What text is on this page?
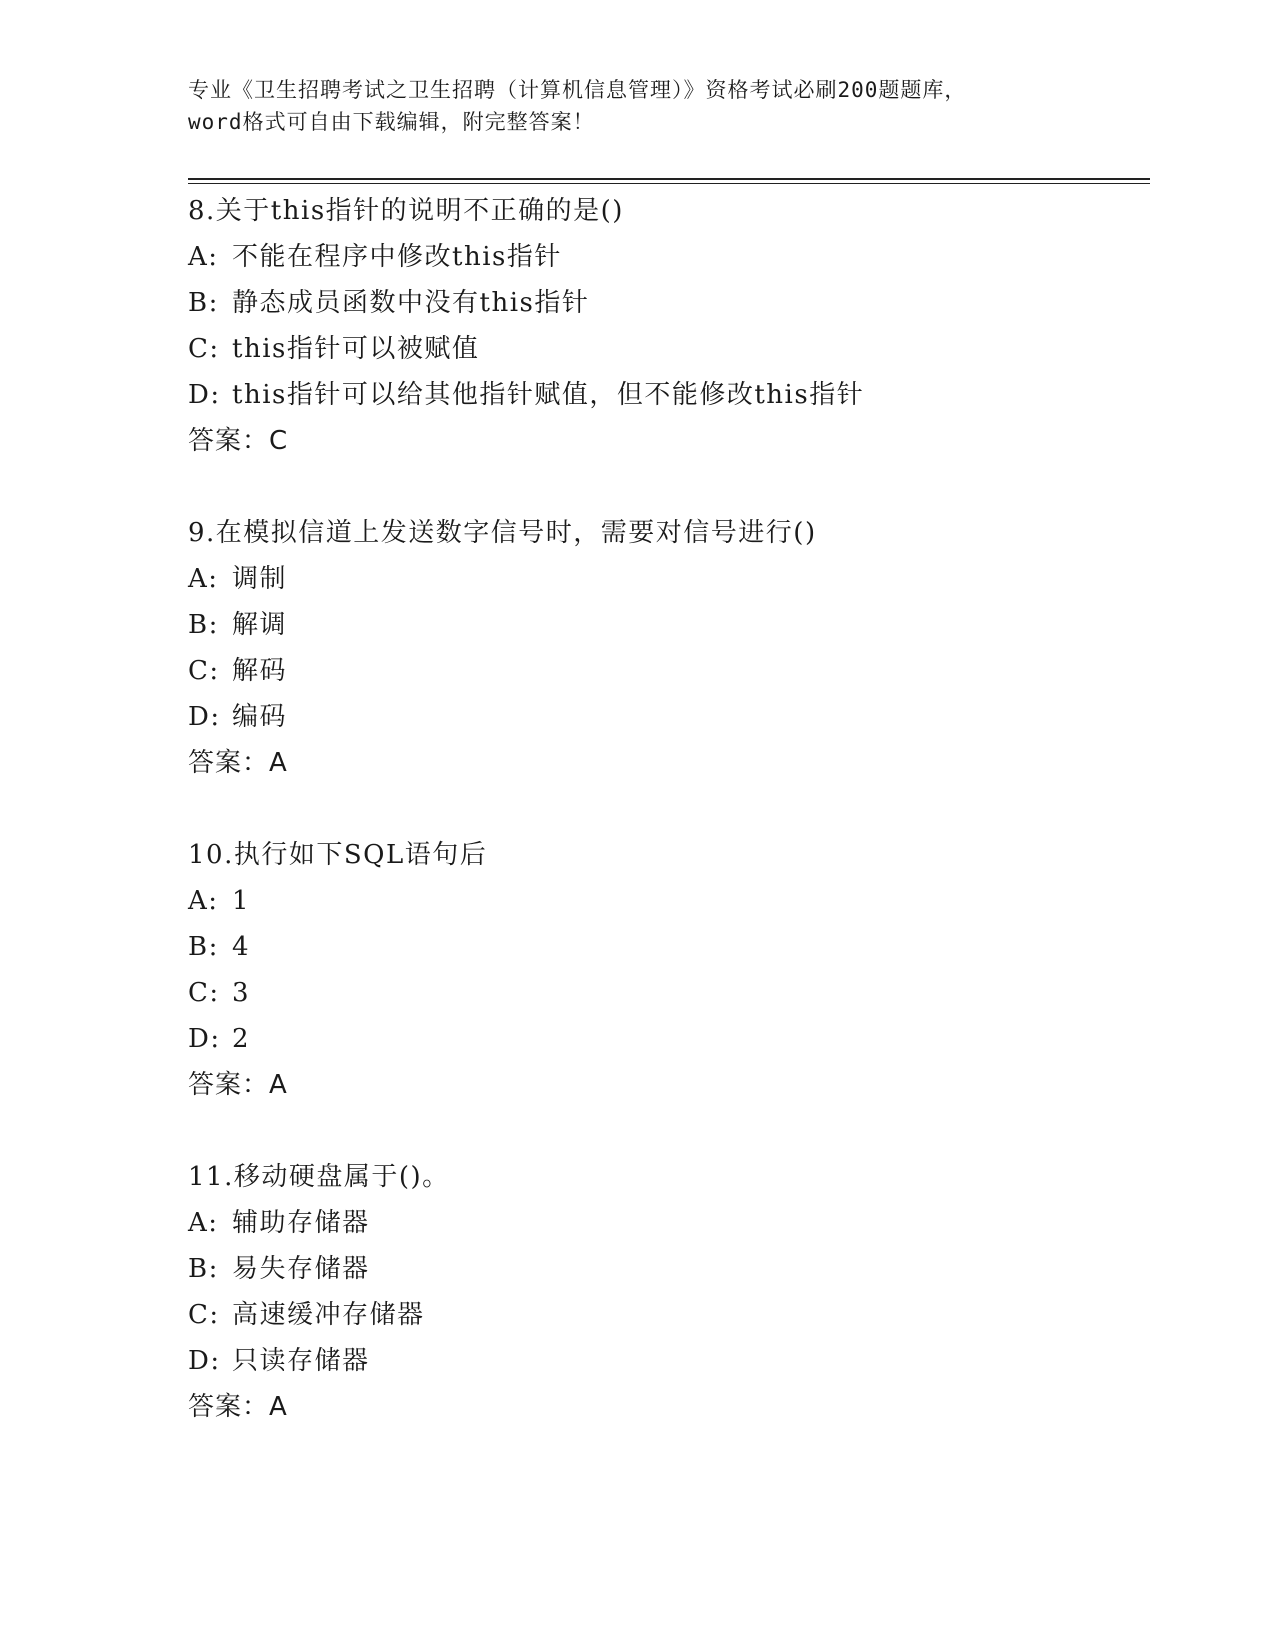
专业《卫生招聘考试之卫生招聘（计算机信息管理）》资格考试必刷200题题库，
word格式可自由下载编辑，附完整答案！
8.关于this指针的说明不正确的是()
A: 不能在程序中修改this指针
B: 静态成员函数中没有this指针
C: this指针可以被赋值
D: this指针可以给其他指针赋值，但不能修改this指针
答案：C
9.在模拟信道上发送数字信号时，需要对信号进行()
A: 调制
B: 解调
C: 解码
D: 编码
答案：A
10.执行如下SQL语句后
A: 1
B: 4
C: 3
D: 2
答案：A
11.移动硬盘属于()。
A: 辅助存储器
B: 易失存储器
C: 高速缓冲存储器
D: 只读存储器
答案：A
